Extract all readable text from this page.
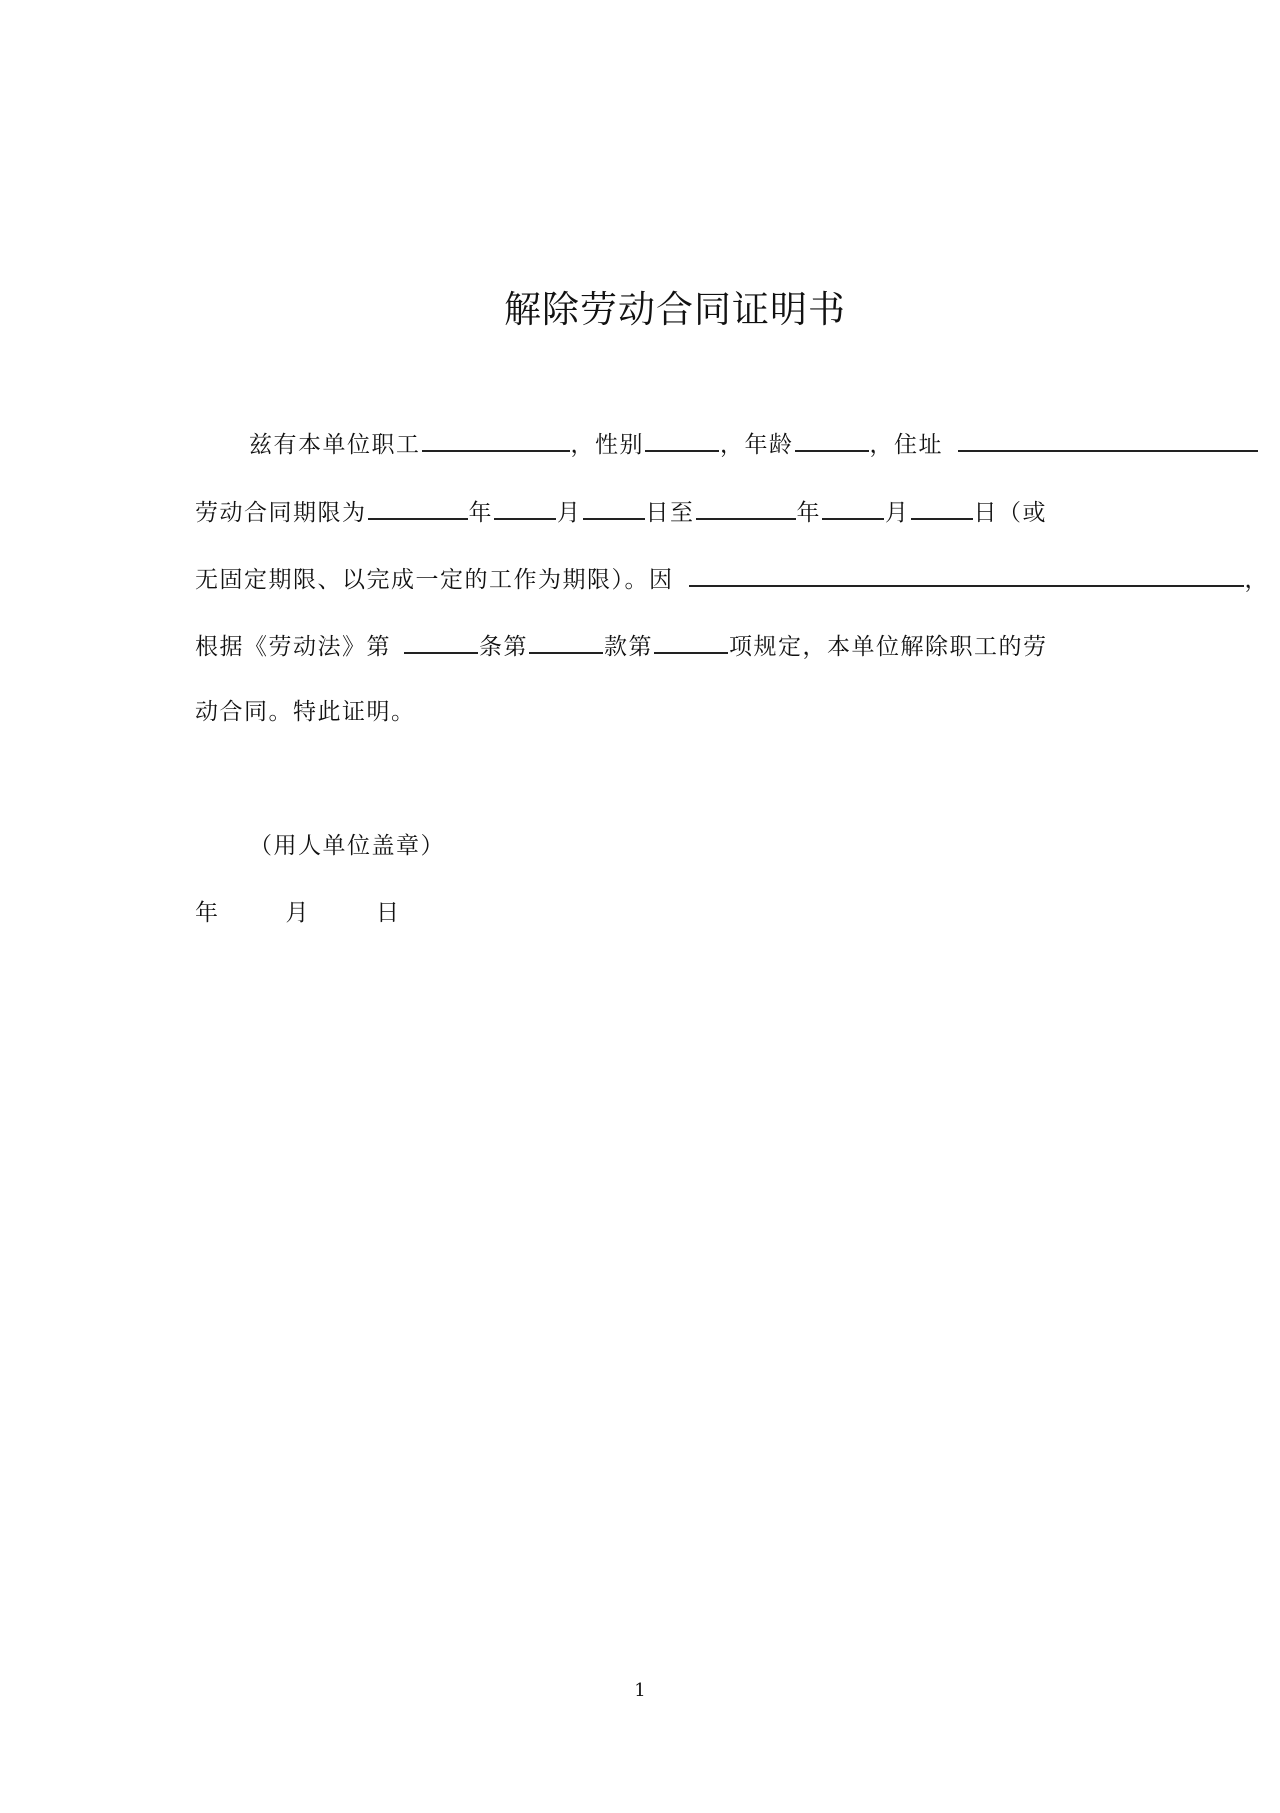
解除劳动合同证明书
兹有本单位职工	，性别	，年龄	，住址
劳动合同期限为	年	月	日至	年	月	日（或
无固定期限、以完成一定的工作为期限）。因	，
根据《劳动法》第	条第	款第	项规定，本单位解除职工的劳
动合同。特此证明。
（用人单位盖章）
年	月	日
1
